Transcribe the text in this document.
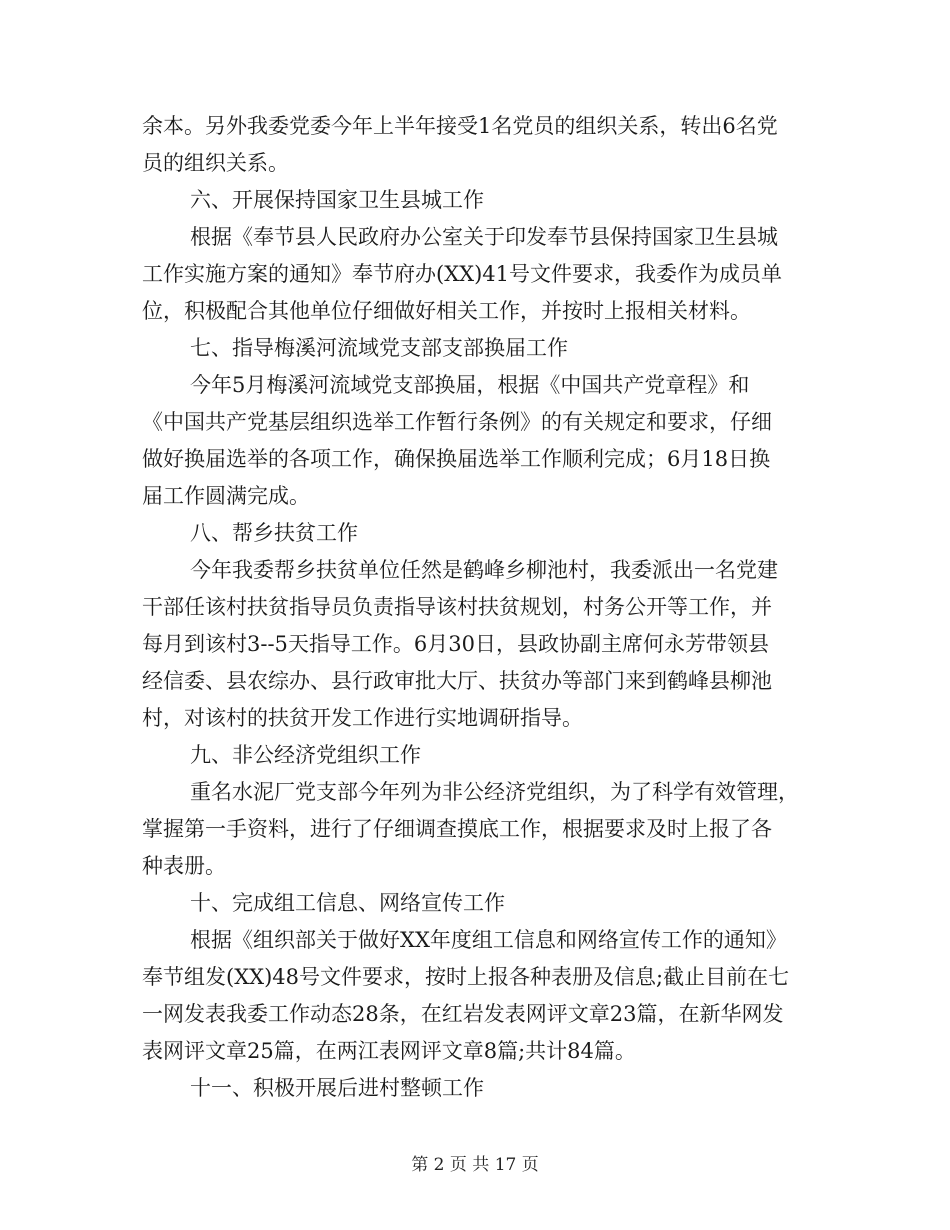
余本。另外我委党委今年上半年接受1名党员的组织关系，转出6名党
员的组织关系。
六、开展保持国家卫生县城工作
根据《奉节县人民政府办公室关于印发奉节县保持国家卫生县城
工作实施方案的通知》奉节府办(XX)41号文件要求，我委作为成员单
位，积极配合其他单位仔细做好相关工作，并按时上报相关材料。
七、指导梅溪河流域党支部支部换届工作
今年5月梅溪河流域党支部换届，根据《中国共产党章程》和
《中国共产党基层组织选举工作暂行条例》的有关规定和要求，仔细
做好换届选举的各项工作，确保换届选举工作顺利完成；6月18日换
届工作圆满完成。
八、帮乡扶贫工作
今年我委帮乡扶贫单位任然是鹤峰乡柳池村，我委派出一名党建
干部任该村扶贫指导员负责指导该村扶贫规划，村务公开等工作，并
每月到该村3--5天指导工作。6月30日，县政协副主席何永芳带领县
经信委、县农综办、县行政审批大厅、扶贫办等部门来到鹤峰县柳池
村，对该村的扶贫开发工作进行实地调研指导。
九、非公经济党组织工作
重名水泥厂党支部今年列为非公经济党组织，为了科学有效管理，
掌握第一手资料，进行了仔细调查摸底工作，根据要求及时上报了各
种表册。
十、完成组工信息、网络宣传工作
根据《组织部关于做好XX年度组工信息和网络宣传工作的通知》
奉节组发(XX)48号文件要求，按时上报各种表册及信息;截止目前在七
一网发表我委工作动态28条，在红岩发表网评文章23篇，在新华网发
表网评文章25篇，在两江表网评文章8篇;共计84篇。
十一、积极开展后进村整顿工作
第 2 页 共 17 页
